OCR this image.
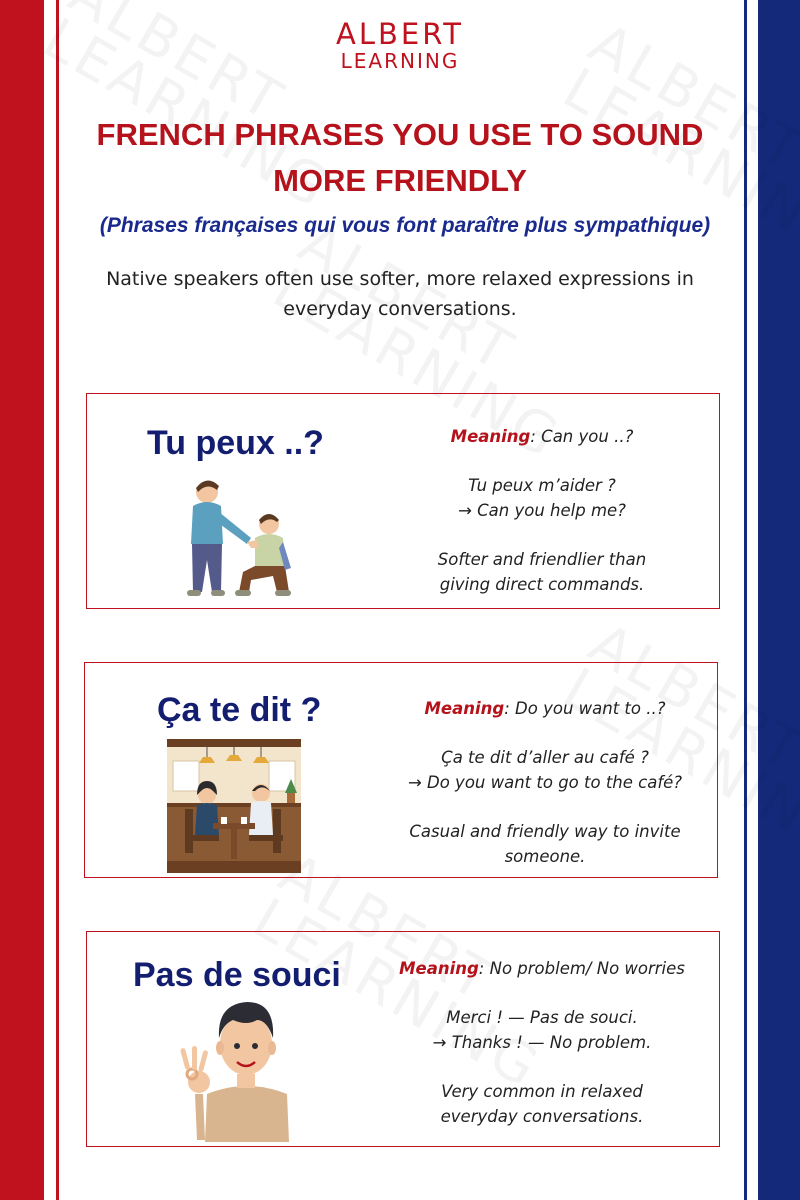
ALBERT
LEARNING
FRENCH PHRASES YOU USE TO SOUND
MORE FRIENDLY
(Phrases françaises qui vous font paraître plus sympathique)
Native speakers often use softer, more relaxed expressions in everyday conversations.
Tu peux ..?	Meaning: Can you ..?

Tu peux m’aider ?

→ Can you help me?

Softer and friendlier than giving direct commands.

Ça te dit ?	Meaning: Do you want to ..?

Ça te dit d’aller au café ?

→ Do you want to go to the café?

Casual and friendly way to invite someone.

Pas de souci	Meaning: No problem/ No worries

Merci ! — Pas de souci.

→ Thanks ! — No problem.

Very common in relaxed everyday conversations.
